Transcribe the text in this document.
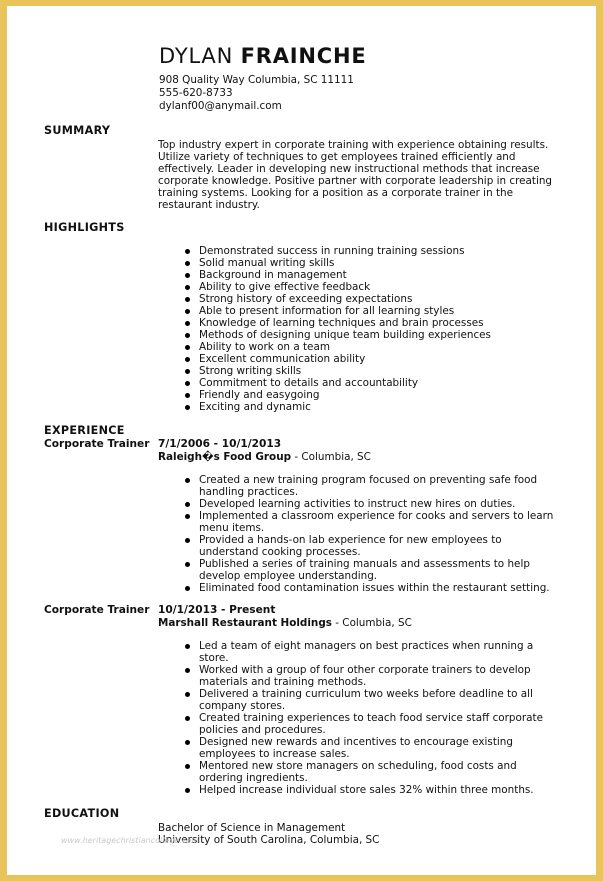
DYLAN FRAINCHE
908 Quality Way Columbia, SC 11111
555-620-8733
dylanf00@anymail.com
SUMMARY

Top industry expert in corporate training with experience obtaining results. Utilize variety of techniques to get employees trained efficiently and effectively. Leader in developing new instructional methods that increase corporate knowledge. Positive partner with corporate leadership in creating training systems. Looking for a position as a corporate trainer in the restaurant industry.

HIGHLIGHTS
Demonstrated success in running training sessions
Solid manual writing skills
Background in management
Ability to give effective feedback
Strong history of exceeding expectations
Able to present information for all learning styles
Knowledge of learning techniques and brain processes
Methods of designing unique team building experiences
Ability to work on a team
Excellent communication ability
Strong writing skills
Commitment to details and accountability
Friendly and easygoing
Exciting and dynamic
EXPERIENCE
Corporate Trainer 7/1/2006 - 10/1/2013
Raleigh�s Food Group - Columbia, SC
Created a new training program focused on preventing safe food handling practices.
Developed learning activities to instruct new hires on duties.
Implemented a classroom experience for cooks and servers to learn menu items.
Provided a hands-on lab experience for new employees to understand cooking processes.
Published a series of training manuals and assessments to help develop employee understanding.
Eliminated food contamination issues within the restaurant setting.
Corporate Trainer 10/1/2013 - Present
Marshall Restaurant Holdings - Columbia, SC
Led a team of eight managers on best practices when running a store.
Worked with a group of four other corporate trainers to develop materials and training methods.
Delivered a training curriculum two weeks before deadline to all company stores.
Created training experiences to teach food service staff corporate policies and procedures.
Designed new rewards and incentives to encourage existing employees to increase sales.
Mentored new store managers on scheduling, food costs and ordering ingredients.
Helped increase individual store sales 32% within three months.
EDUCATION
Bachelor of Science in Management
University of South Carolina, Columbia, SC
www.heritagechristiancollege.com
